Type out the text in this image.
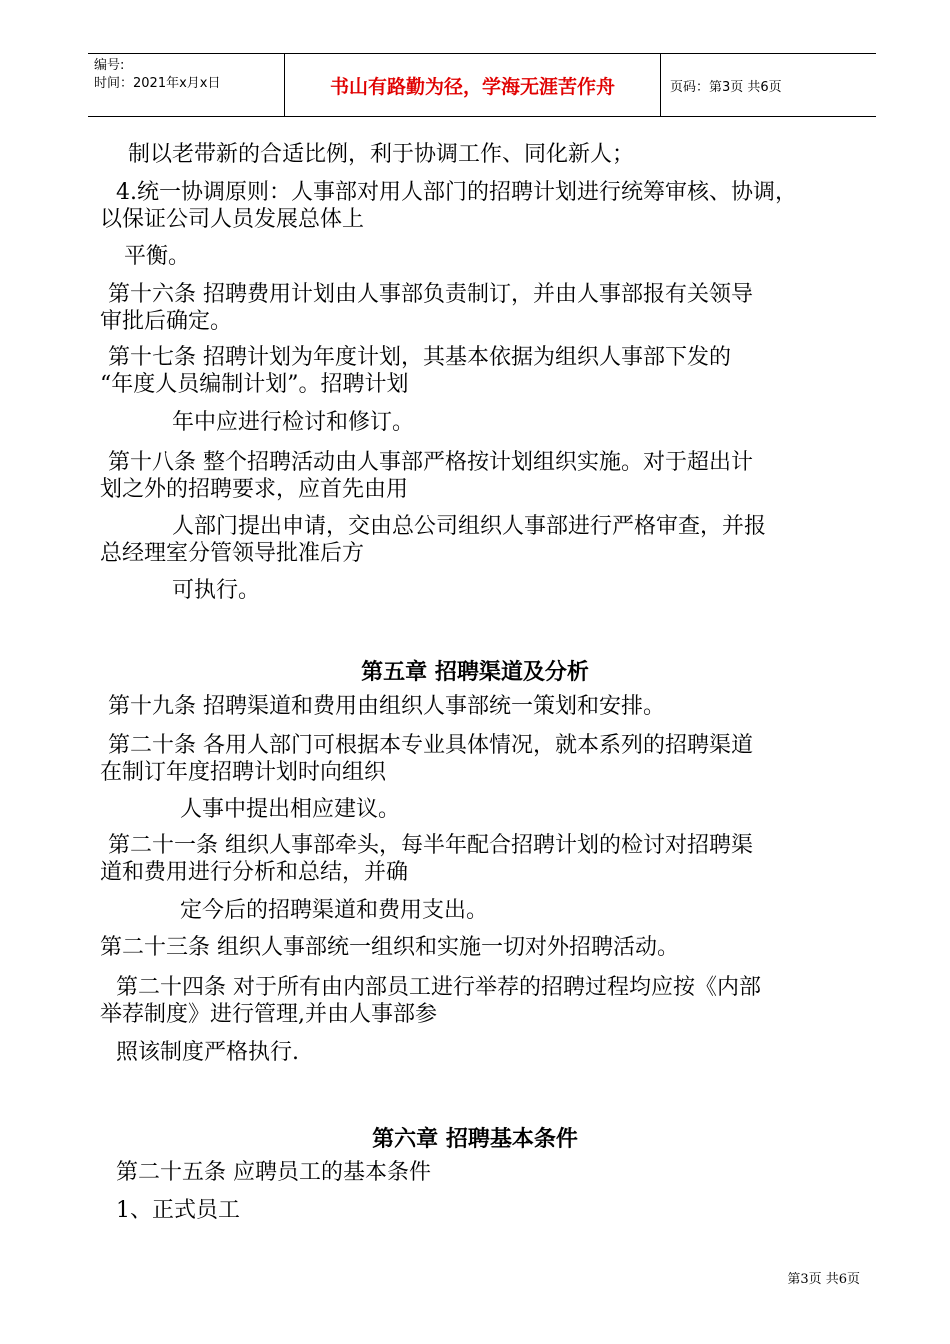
编号:
时间：2021年x月x日	书山有路勤为径，学海无涯苦作舟	页码：第3页 共6页
制以老带新的合适比例，利于协调工作、同化新人；
4.统一协调原则：人事部对用人部门的招聘计划进行统筹审核、协调，
以保证公司人员发展总体上
平衡。
第十六条 招聘费用计划由人事部负责制订，并由人事部报有关领导
审批后确定。
第十七条 招聘计划为年度计划，其基本依据为组织人事部下发的
“年度人员编制计划”。招聘计划
年中应进行检讨和修订。
第十八条 整个招聘活动由人事部严格按计划组织实施。对于超出计
划之外的招聘要求，应首先由用
人部门提出申请，交由总公司组织人事部进行严格审查，并报
总经理室分管领导批准后方
可执行。
第五章 招聘渠道及分析
第十九条 招聘渠道和费用由组织人事部统一策划和安排。
第二十条 各用人部门可根据本专业具体情况，就本系列的招聘渠道
在制订年度招聘计划时向组织
人事中提出相应建议。
第二十一条 组织人事部牵头，每半年配合招聘计划的检讨对招聘渠
道和费用进行分析和总结，并确
定今后的招聘渠道和费用支出。
第二十三条 组织人事部统一组织和实施一切对外招聘活动。
第二十四条 对于所有由内部员工进行举荐的招聘过程均应按《内部
举荐制度》进行管理,并由人事部参
照该制度严格执行.
第六章 招聘基本条件
第二十五条 应聘员工的基本条件
1、正式员工
第3页 共6页
